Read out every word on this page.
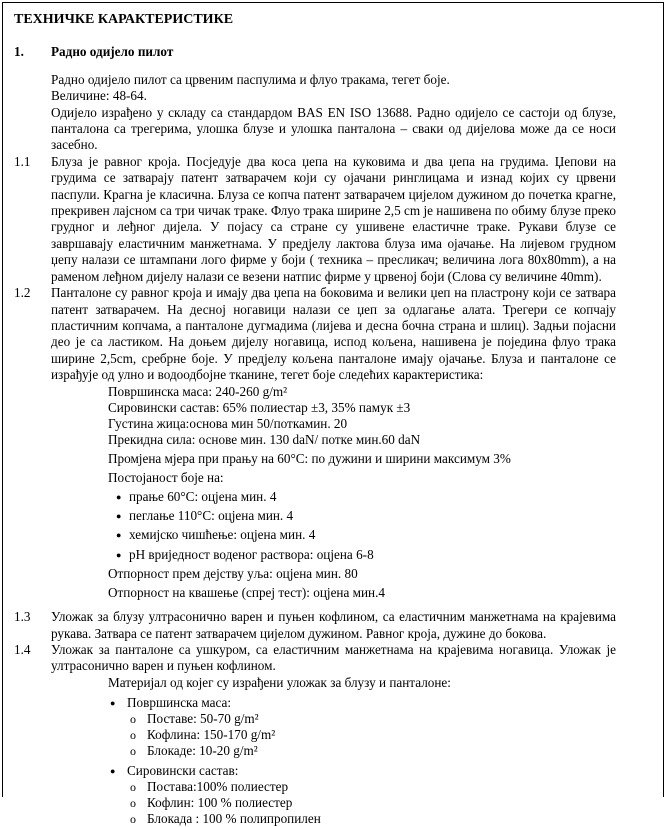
ТЕХНИЧКЕ КАРАКТЕРИСТИКЕ
1.	Радно одијело пилот
Радно одијело пилот са црвеним паспулима и флуо тракама, тегет боје.
Величине: 48-64.
Одијело израђено у складу са стандардом BAS EN ISO 13688. Радно одијело се састоји од блузе, панталона са трегерима, улошка блузе и улошка панталона – сваки од дијелова може да се носи засебно.
1.1	Блуза је равног кроја. Посједује два коса џепа на куковима и два џепа на грудима. Џепови на грудима се затварају патент затварачем који су ојачани ринглицама и изнад којих су црвени паспули. Крагна је класична. Блуза се копча патент затварачем цијелом дужином до почетка крагне, прекривен лајсном са три чичак траке. Флуо трака ширине 2,5 cm је нашивена по обиму блузе преко грудног и леђног дијела. У појасу са стране су ушивене еластичне траке. Рукави блузе се завршавају еластичним манжетнама. У предјелу лактова блуза има ојачање. На лијевом грудном џепу налази се штампани лого фирме у боји ( техника – пресликач; величина лога 80x80mm), а на раменом леђном дијелу налази се везени натпис фирме у црвеној боји (Слова су величине 40mm).
1.2	Панталоне су равног кроја и имају два џепа на боковима и велики џеп на пластрону који се затвара патент затварачем. На десној ногавици налази се џеп за одлагање алата. Трегери се копчају пластичним копчама, а панталоне дугмадима (лијева и десна бочна страна и шлиц). Задњи појасни део је са ластиком. На доњем дијелу ногавица, испод кољена, нашивена је појединa флуо трака ширине 2,5cm, сребрне боје. У предјелу кољена панталоне имају ојачање. Блуза и панталоне се израђује од улно и водоодбојне тканине, тегет боје следећих карактеристика:
Површинска маса: 240-260 g/m²
Сировински састав: 65% полиестар ±3, 35% памук ±3
Густина жица:основа мин 50/поткамин. 20
Прекидна сила: основе мин. 130 daN/ потке мин.60 daN
Промјена мјера при прању на 60°C: по дужини и ширини максимум 3%
Постојаност боје на:
● прање 60°C: оцјена мин. 4
● пеглање 110°C: оцјена мин. 4
● хемијско чишћење: оцјена мин. 4
● pH вриједност воденог раствора: оцјена 6-8
Отпорност прем дејству уља: оцјена мин. 80
Отпорност на квашење (спреј тест): оцјена мин.4
1.3	Уложак за блузу ултрасонично варен и пуњен кофлином, са еластичним манжетнама на крајевима рукава. Затвара се патент затварачем цијелом дужином. Равног кроја, дужине до бокова.
1.4	Уложак за панталоне са ушкуром, са еластичним манжетнама на крајевима ногавица. Уложак је ултрасонично варен и пуњен кофлином.
Материјал од којег су израђени уложак за блузу и панталоне:
● Површинска маса:
o Поставе: 50-70 g/m²
o Кофлина: 150-170 g/m²
o Блокаде: 10-20 g/m²
● Сировински састав:
o Постава:100% полиестер
o Кофлин: 100 % полиестер
o Блокада : 100 % полипропилен
